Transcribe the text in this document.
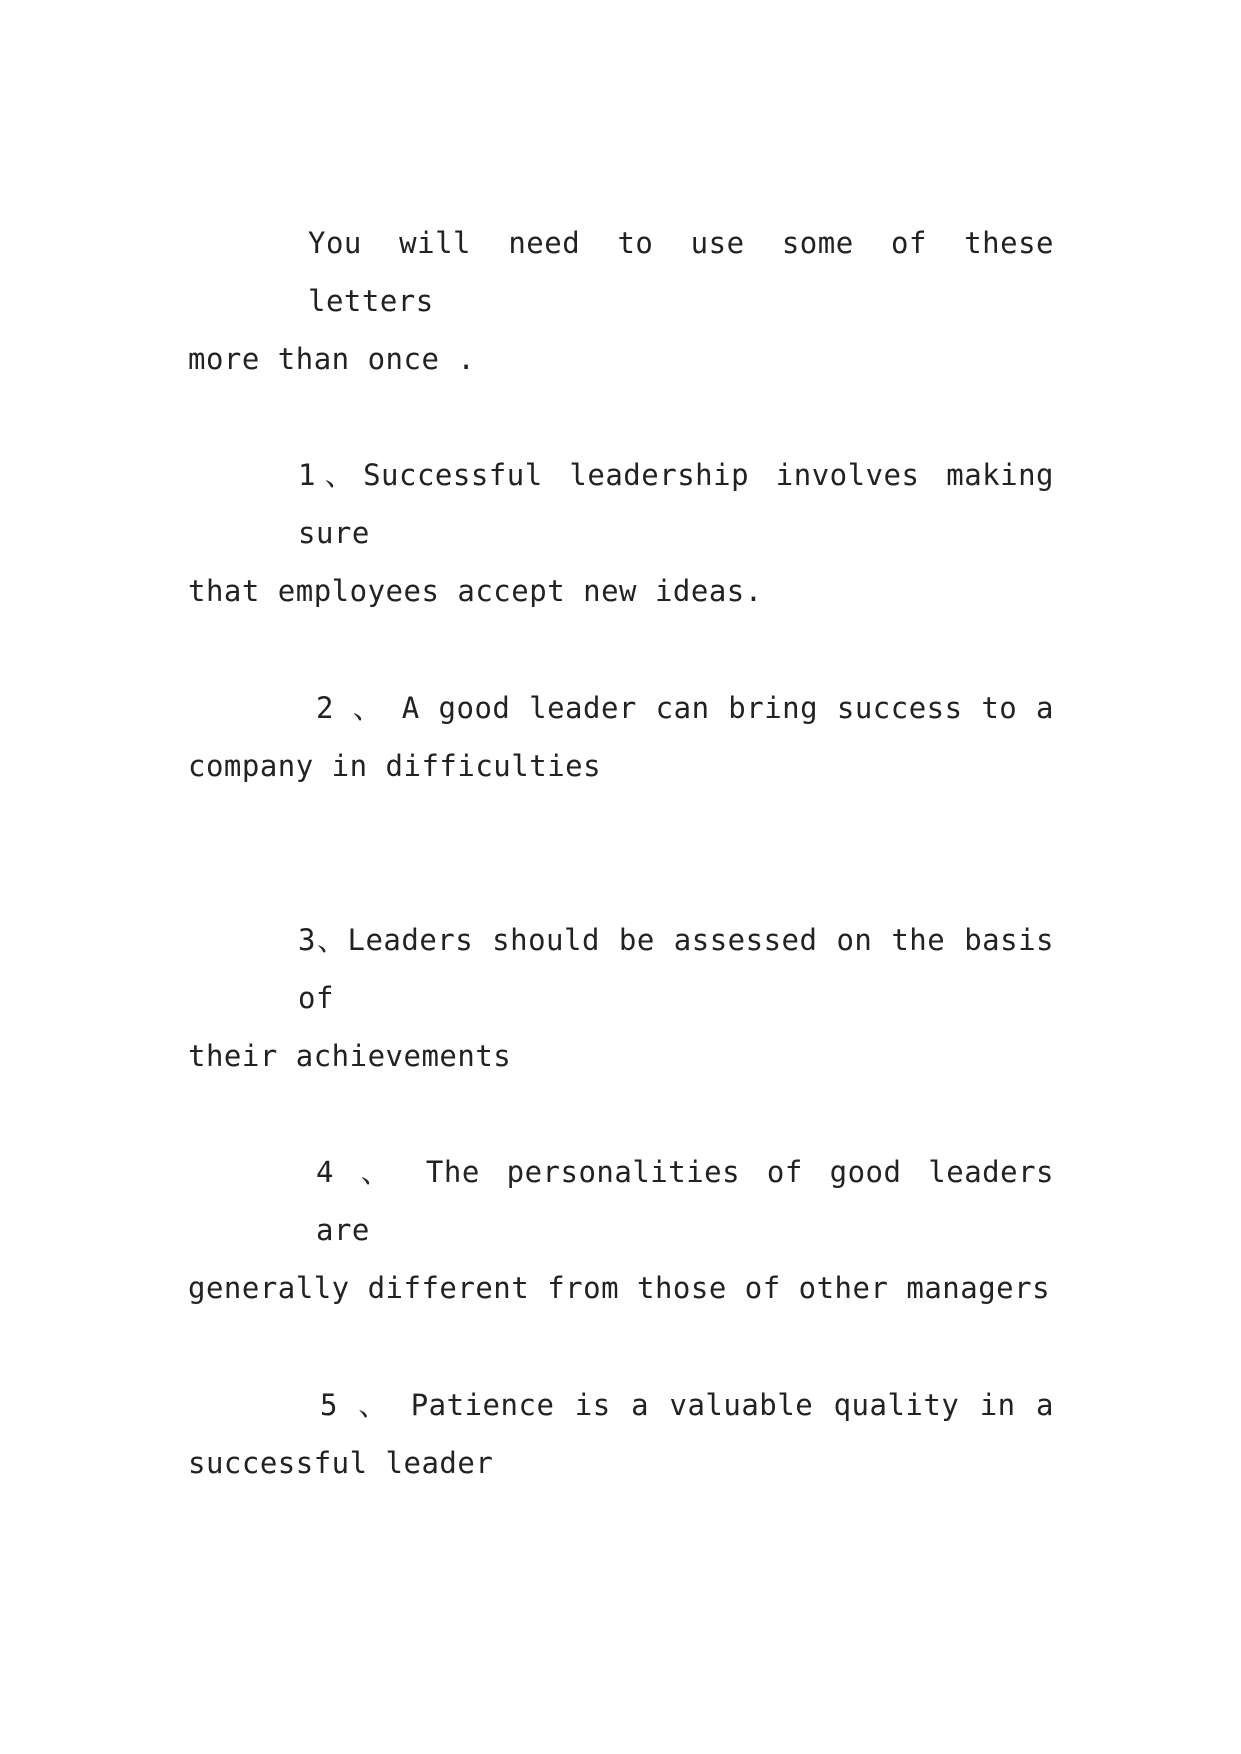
You will need to use some of these letters
more than once .

1、Successful leadership involves making sure
that employees accept new ideas.

2 、 A good leader can bring success to a
company in difficulties

3、Leaders should be assessed on the basis of
their achievements

4 、 The personalities of good leaders are
generally different from those of other managers

5 、 Patience is a valuable quality in a
successful leader
